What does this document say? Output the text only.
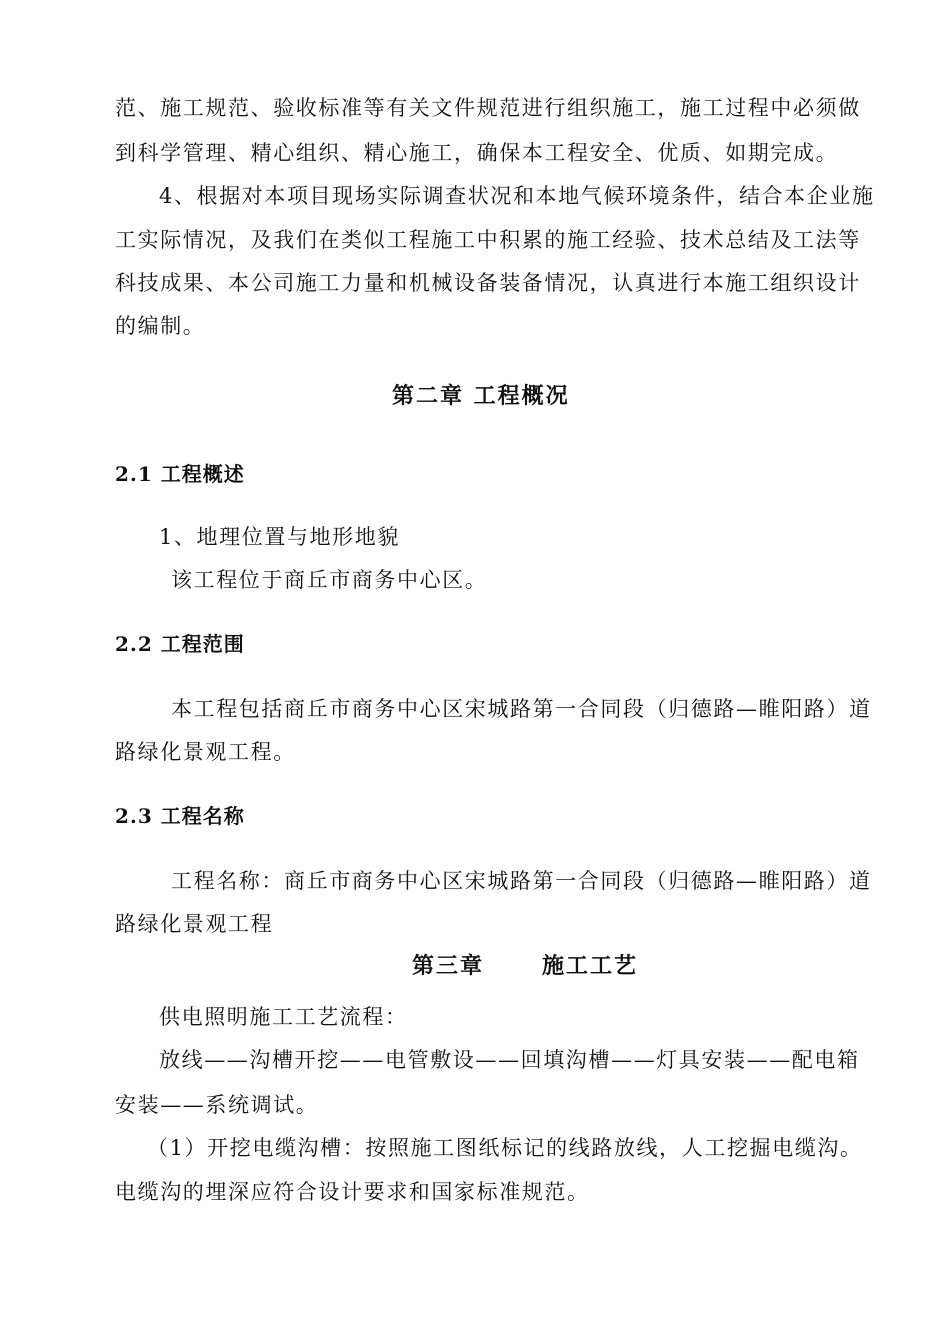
范、施工规范、验收标准等有关文件规范进行组织施工，施工过程中必须做
到科学管理、精心组织、精心施工，确保本工程安全、优质、如期完成。
4、根据对本项目现场实际调查状况和本地气候环境条件，结合本企业施
工实际情况，及我们在类似工程施工中积累的施工经验、技术总结及工法等
科技成果、本公司施工力量和机械设备装备情况，认真进行本施工组织设计
的编制。
第二章 工程概况
2.1 工程概述
1、地理位置与地形地貌
该工程位于商丘市商务中心区。
2.2 工程范围
本工程包括商丘市商务中心区宋城路第一合同段（归德路—睢阳路）道
路绿化景观工程。
2.3 工程名称
工程名称：商丘市商务中心区宋城路第一合同段（归德路—睢阳路）道
路绿化景观工程
第三章      施工工艺
供电照明施工工艺流程：
放线——沟槽开挖——电管敷设——回填沟槽——灯具安装——配电箱
安装——系统调试。
（1）开挖电缆沟槽：按照施工图纸标记的线路放线，人工挖掘电缆沟。
电缆沟的埋深应符合设计要求和国家标准规范。
